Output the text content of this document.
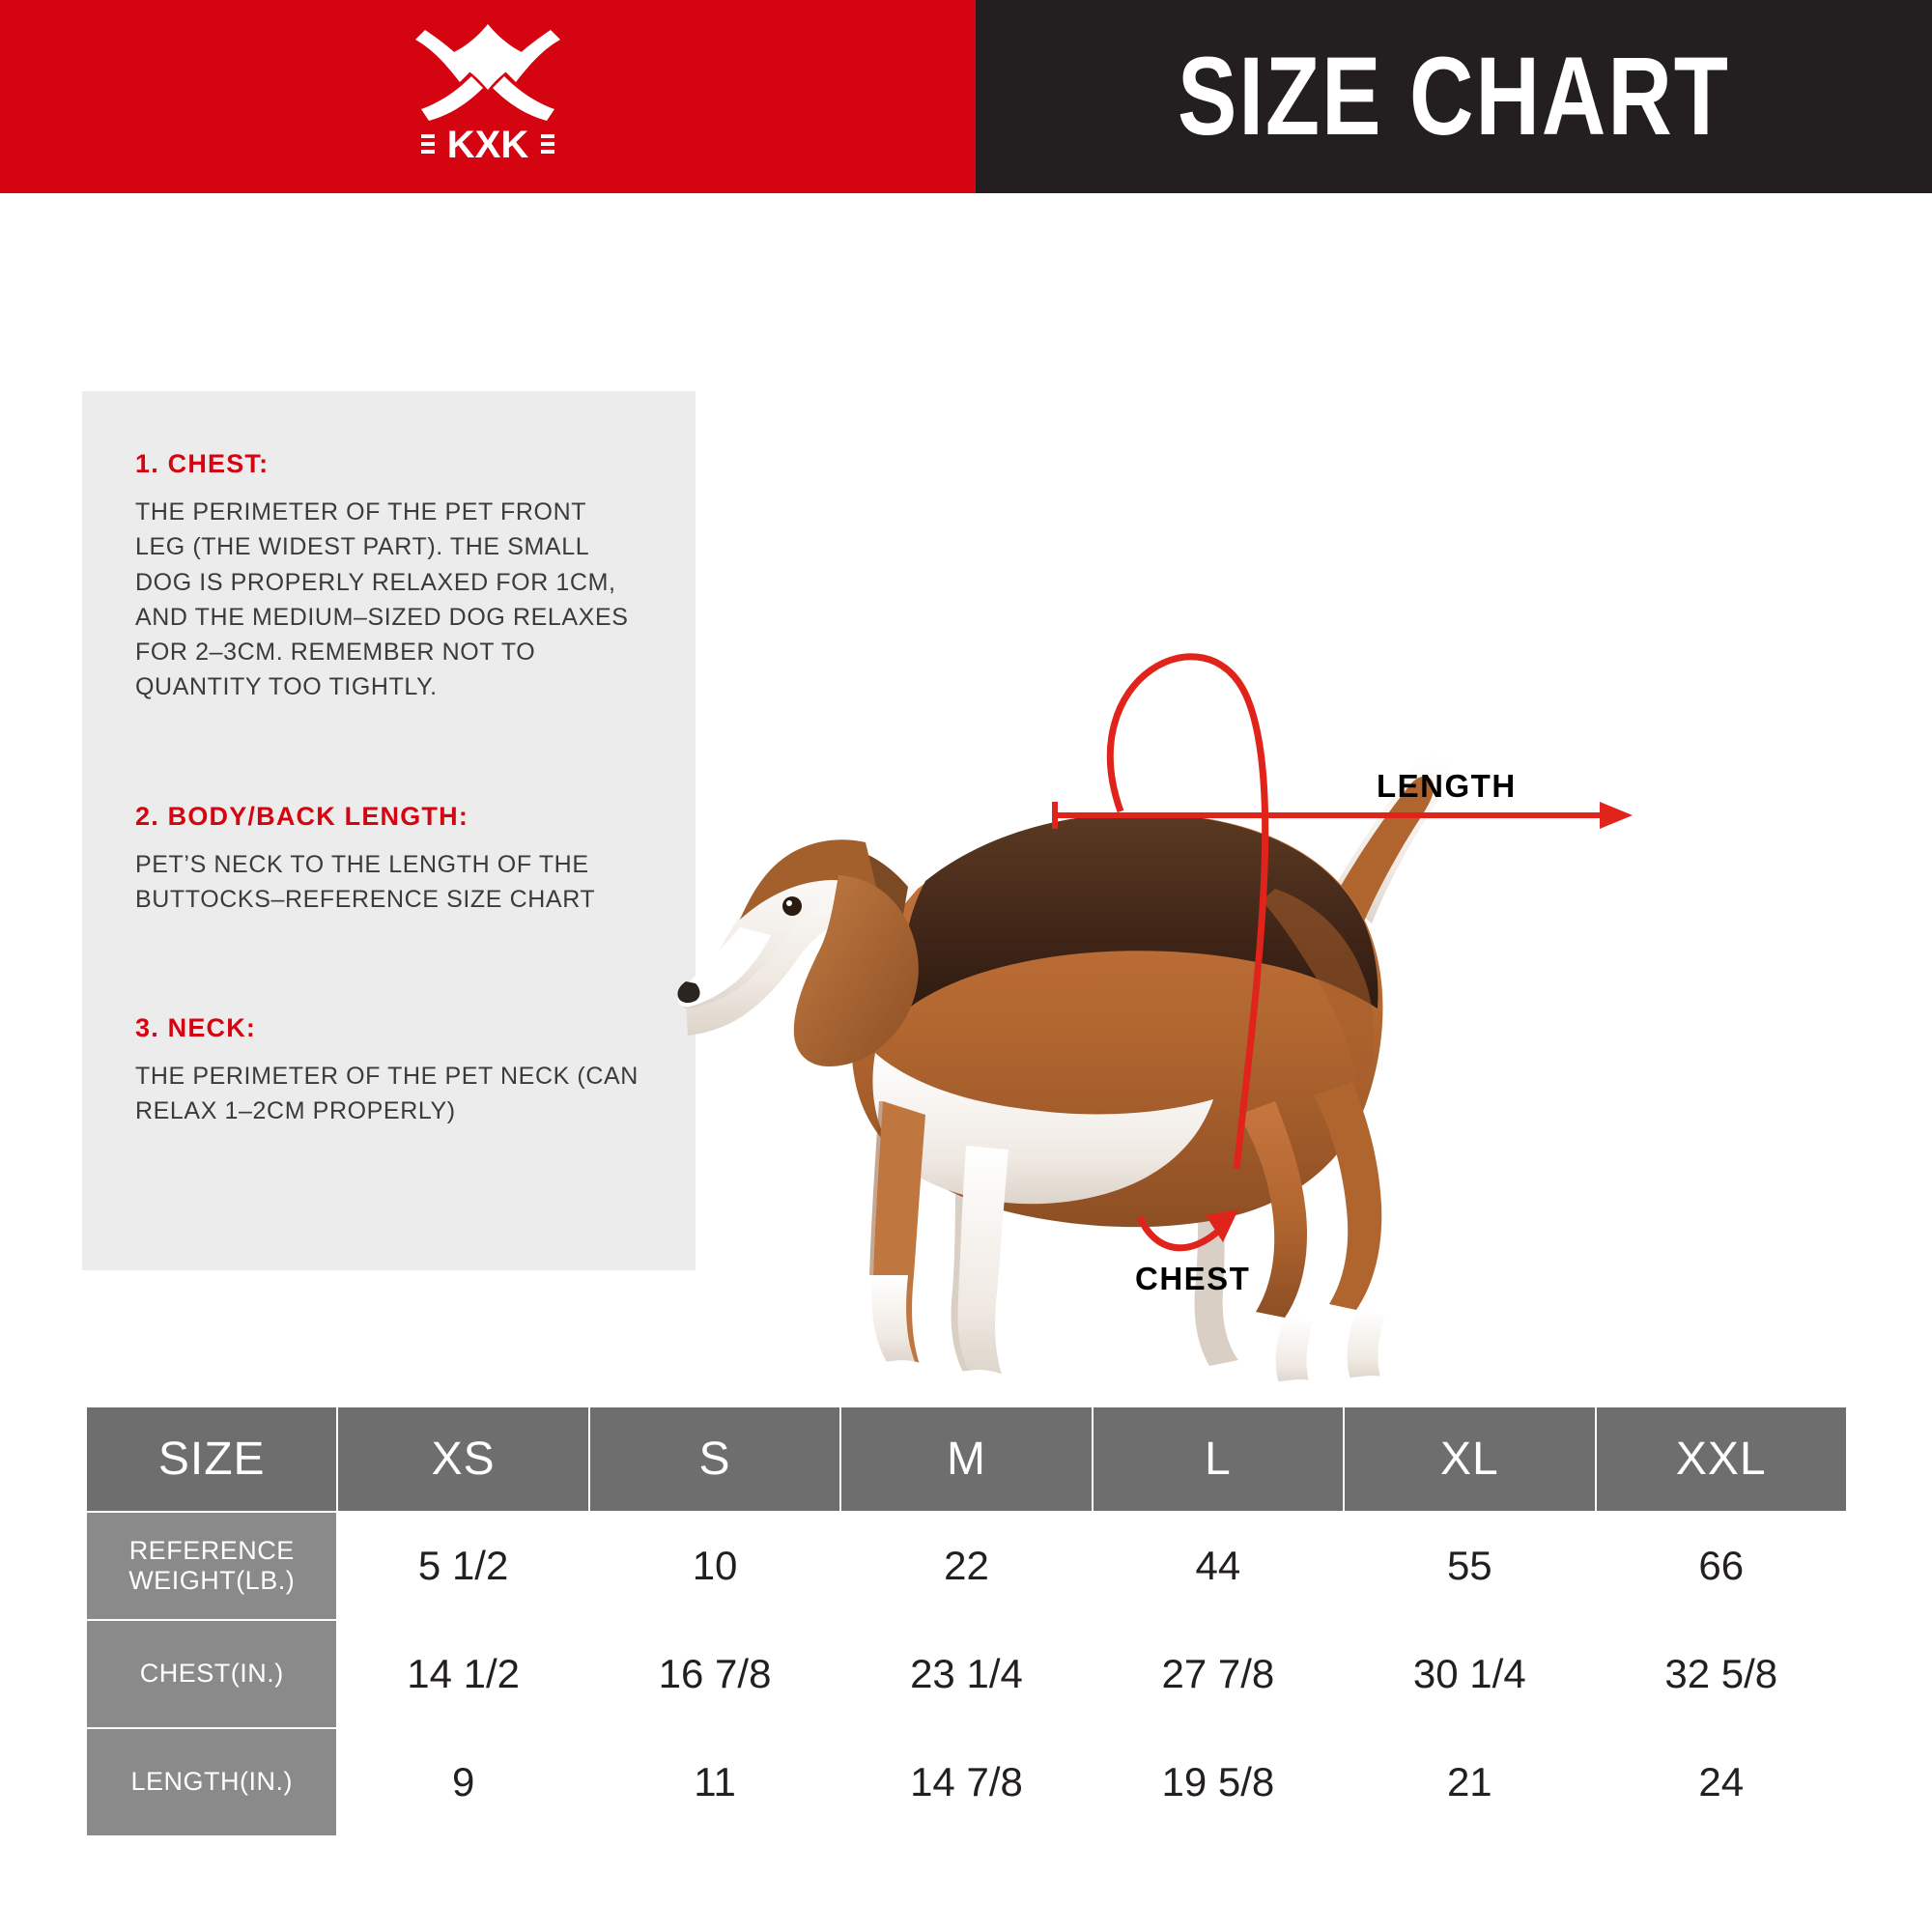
KXK	SIZE CHART
1. CHEST:

THE PERIMETER OF THE PET FRONT LEG (THE WIDEST PART). THE SMALL DOG IS PROPERLY RELAXED FOR 1CM, AND THE MEDIUM–SIZED DOG RELAXES FOR 2–3CM. REMEMBER NOT TO QUANTITY TOO TIGHTLY.

2. BODY/BACK LENGTH:

PET’S NECK TO THE LENGTH OF THE BUTTOCKS–REFERENCE SIZE CHART

3. NECK:

THE PERIMETER OF THE PET NECK (CAN RELAX 1–2CM PROPERLY)

LENGTH
CHEST
SIZE	XS	S	M	L	XL	XXL
REFERENCE WEIGHT(LB.)	5 1/2	10	22	44	55	66
CHEST(IN.)	14 1/2	16 7/8	23 1/4	27 7/8	30 1/4	32 5/8
LENGTH(IN.)	9	11	14 7/8	19 5/8	21	24
